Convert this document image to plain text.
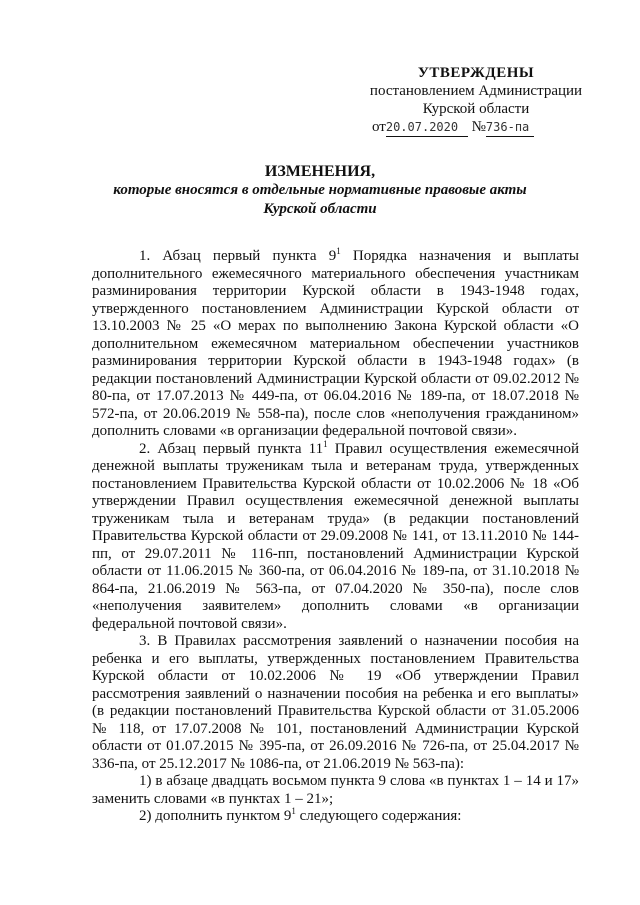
УТВЕРЖДЕНЫ
постановлением Администрации
Курской области
от20.07.2020 №736-па
ИЗМЕНЕНИЯ,
которые вносятся в отдельные нормативные правовые акты
Курской области

1. Абзац первый пункта $9^1$ Порядка назначения и выплаты дополнительного ежемесячного материального обеспечения участникам разминирования территории Курской области в 1943-1948 годах, утвержденного постановлением Администрации Курской области от 13.10.2003 № 25 «О мерах по выполнению Закона Курской области «О дополнительном ежемесячном материальном обеспечении участников разминирования территории Курской области в 1943-1948 годах» (в редакции постановлений Администрации Курской области от 09.02.2012 № 80-па, от 17.07.2013 № 449-па, от 06.04.2016 № 189-па, от 18.07.2018 № 572-па, от 20.06.2019 № 558-па), после слов «неполучения гражданином» дополнить словами «в организации федеральной почтовой связи».

2. Абзац первый пункта $11^1$ Правил осуществления ежемесячной денежной выплаты труженикам тыла и ветеранам труда, утвержденных постановлением Правительства Курской области от 10.02.2006 № 18 «Об утверждении Правил осуществления ежемесячной денежной выплаты труженикам тыла и ветеранам труда» (в редакции постановлений Правительства Курской области от 29.09.2008 № 141, от 13.11.2010 № 144-пп, от 29.07.2011 № 116-пп, постановлений Администрации Курской области от 11.06.2015 № 360-па, от 06.04.2016 № 189-па, от 31.10.2018 № 864-па, 21.06.2019 № 563-па, от 07.04.2020 № 350-па), после слов «неполучения заявителем» дополнить словами «в организации федеральной почтовой связи».

3. В Правилах рассмотрения заявлений о назначении пособия на ребенка и его выплаты, утвержденных постановлением Правительства Курской области от 10.02.2006 № 19 «Об утверждении Правил рассмотрения заявлений о назначении пособия на ребенка и его выплаты» (в редакции постановлений Правительства Курской области от 31.05.2006 № 118, от 17.07.2008 № 101, постановлений Администрации Курской области от 01.07.2015 № 395-па, от 26.09.2016 № 726-па, от 25.04.2017 № 336-па, от 25.12.2017 № 1086-па, от 21.06.2019 № 563-па):

1) в абзаце двадцать восьмом пункта 9 слова «в пунктах 1 – 14 и 17» заменить словами «в пунктах 1 – 21»;

2) дополнить пунктом $9^1$ следующего содержания:
